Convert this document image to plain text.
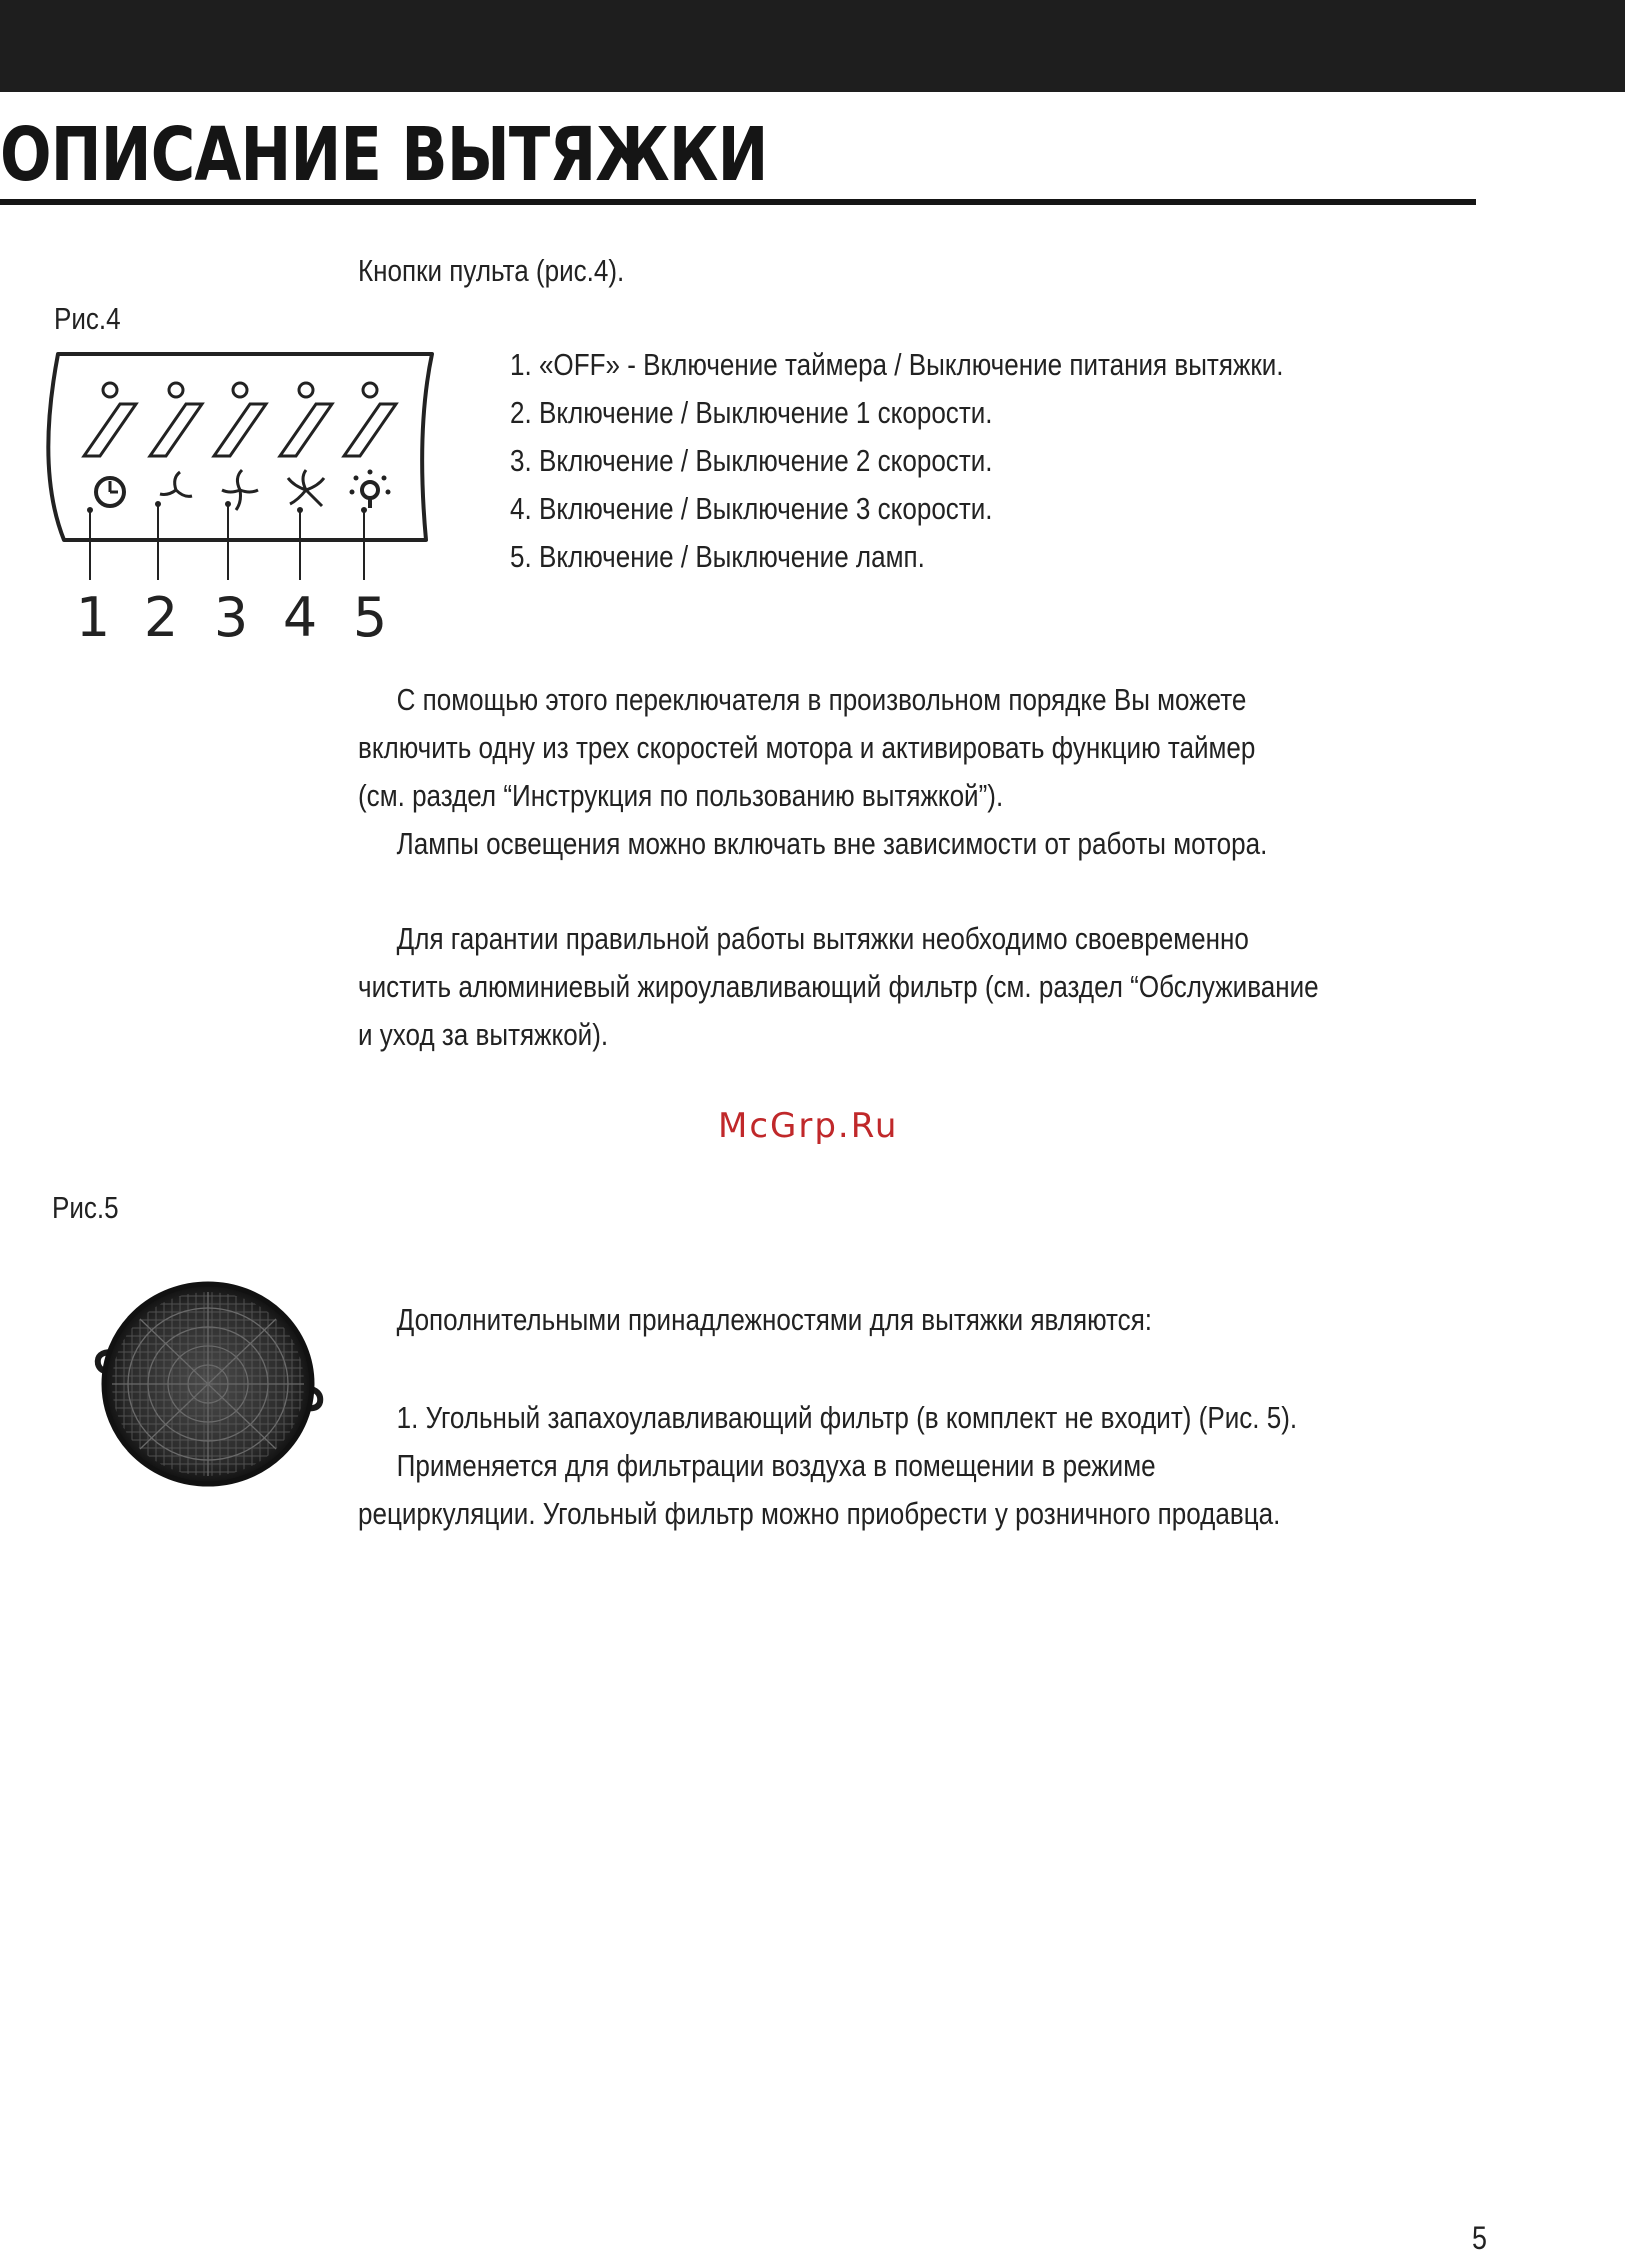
ОПИСАНИЕ ВЫТЯЖКИ

Кнопки пульта (рис.4).

Рис.4

1 2 3 4 5
1. «OFF» - Включение таймера / Выключение питания вытяжки.
2. Включение / Выключение 1 скорости.
3. Включение / Выключение 2 скорости.
4. Включение / Выключение 3 скорости.
5. Включение / Выключение ламп.
С помощью этого переключателя в произвольном порядке Вы можете
включить одну из трех скоростей мотора и активировать функцию таймер
(см. раздел “Инструкция по пользованию вытяжкой”).
Лампы освещения можно включать вне зависимости от работы мотора.
Для гарантии правильной работы вытяжки необходимо своевременно
чистить алюминиевый жироулавливающий фильтр (см. раздел “Обслуживание
и уход за вытяжкой).
McGrp.Ru

Рис.5

Дополнительными принадлежностями для вытяжки являются:
1. Угольный запахоулавливающий фильтр (в комплект не входит) (Рис. 5).
Применяется для фильтрации воздуха в помещении в режиме
рециркуляции. Угольный фильтр можно приобрести у розничного продавца.
5
